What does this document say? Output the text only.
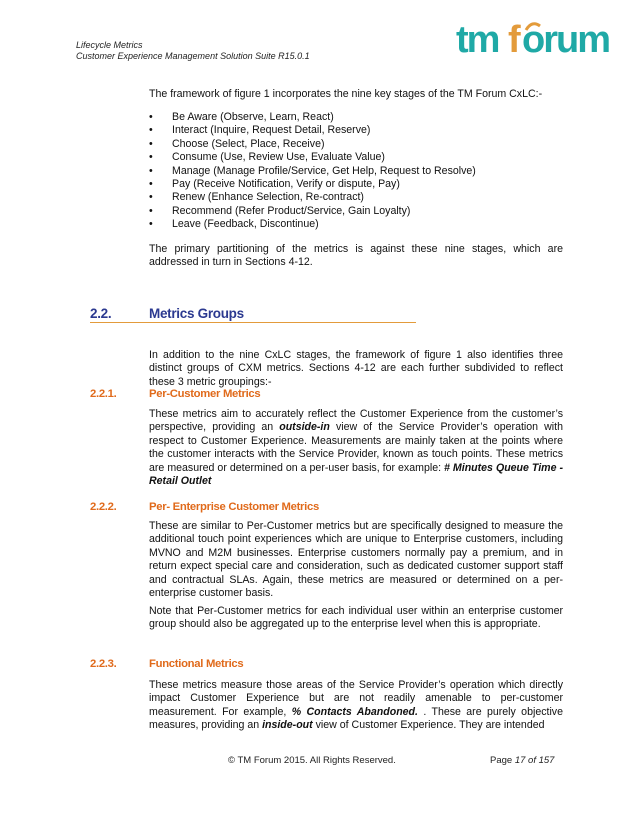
Lifecycle Metrics
Customer Experience Management Solution Suite R15.0.1	tm f orum
The framework of figure 1 incorporates the nine key stages of the TM Forum CxLC:-
• Be Aware (Observe, Learn, React)
• Interact (Inquire, Request Detail, Reserve)
• Choose (Select, Place, Receive)
• Consume (Use, Review Use, Evaluate Value)
• Manage (Manage Profile/Service, Get Help, Request to Resolve)
• Pay (Receive Notification, Verify or dispute, Pay)
• Renew (Enhance Selection, Re-contract)
• Recommend (Refer Product/Service, Gain Loyalty)
• Leave (Feedback, Discontinue)
The primary partitioning of the metrics is against these nine stages, which are addressed in turn in Sections 4-12.
2.2.	Metrics Groups
In addition to the nine CxLC stages, the framework of figure 1 also identifies three distinct groups of CXM metrics. Sections 4-12 are each further subdivided to reflect these 3 metric groupings:-
2.2.1.	Per-Customer Metrics
These metrics aim to accurately reflect the Customer Experience from the customer’s perspective, providing an outside-in view of the Service Provider’s operation with respect to Customer Experience. Measurements are mainly taken at the points where the customer interacts with the Service Provider, known as touch points. These metrics are measured or determined on a per-user basis, for example: # Minutes Queue Time - Retail Outlet
2.2.2.	Per- Enterprise Customer Metrics
These are similar to Per-Customer metrics but are specifically designed to measure the additional touch point experiences which are unique to Enterprise customers, including MVNO and M2M businesses. Enterprise customers normally pay a premium, and in return expect special care and consideration, such as dedicated customer support staff and contractual SLAs. Again, these metrics are measured or determined on a per-enterprise customer basis.
Note that Per-Customer metrics for each individual user within an enterprise customer group should also be aggregated up to the enterprise level when this is appropriate.
2.2.3.	Functional Metrics
These metrics measure those areas of the Service Provider’s operation which directly impact Customer Experience but are not readily amenable to per-customer measurement. For example, % Contacts Abandoned. . These are purely objective measures, providing an inside-out view of Customer Experience. They are intended
© TM Forum 2015. All Rights Reserved.	Page 17 of 157
